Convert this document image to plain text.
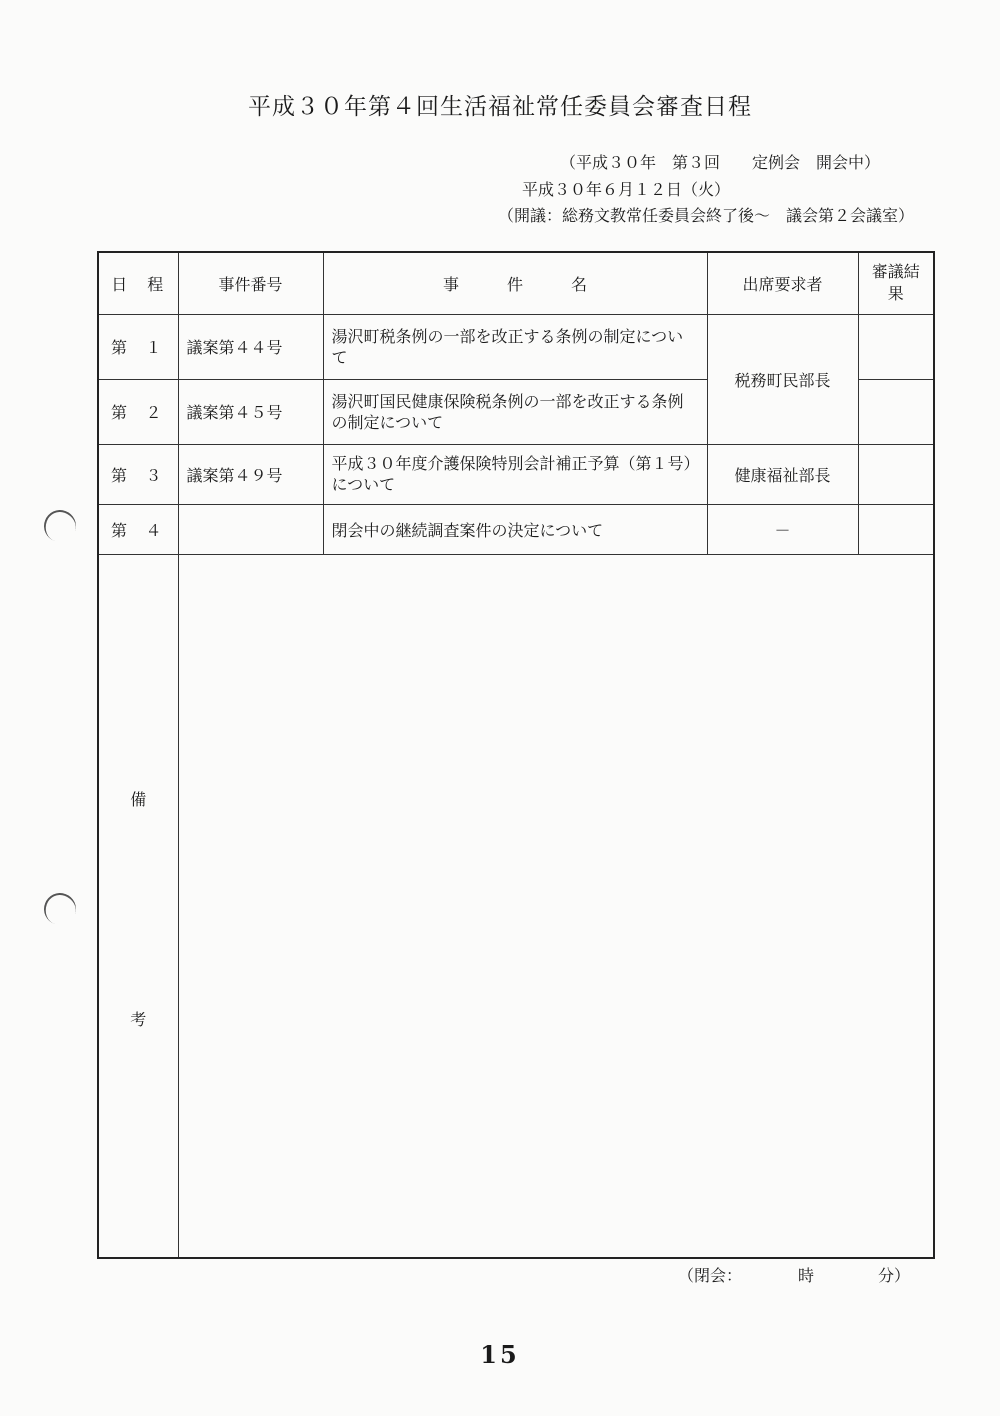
平成３０年第４回生活福祉常任委員会審査日程
（平成３０年　第３回　　定例会　開会中）
平成３０年６月１２日（火）
（開議：総務文教常任委員会終了後～　議会第２会議室）
日　程	事件番号	事　　　件　　　名	出席要求者	審議結果

第 １	議案第４４号	湯沢町税条例の一部を改正する条例の制定について	税務町民部長	

第 ２	議案第４５号	湯沢町国民健康保険税条例の一部を改正する条例の制定について		

第 ３	議案第４９号	平成３０年度介護保険特別会計補正予算（第１号）について	健康福祉部長	

第 ４		閉会中の継続調査案件の決定について	－	

備
考				

（閉会：　　　　時　　　　分）
15
